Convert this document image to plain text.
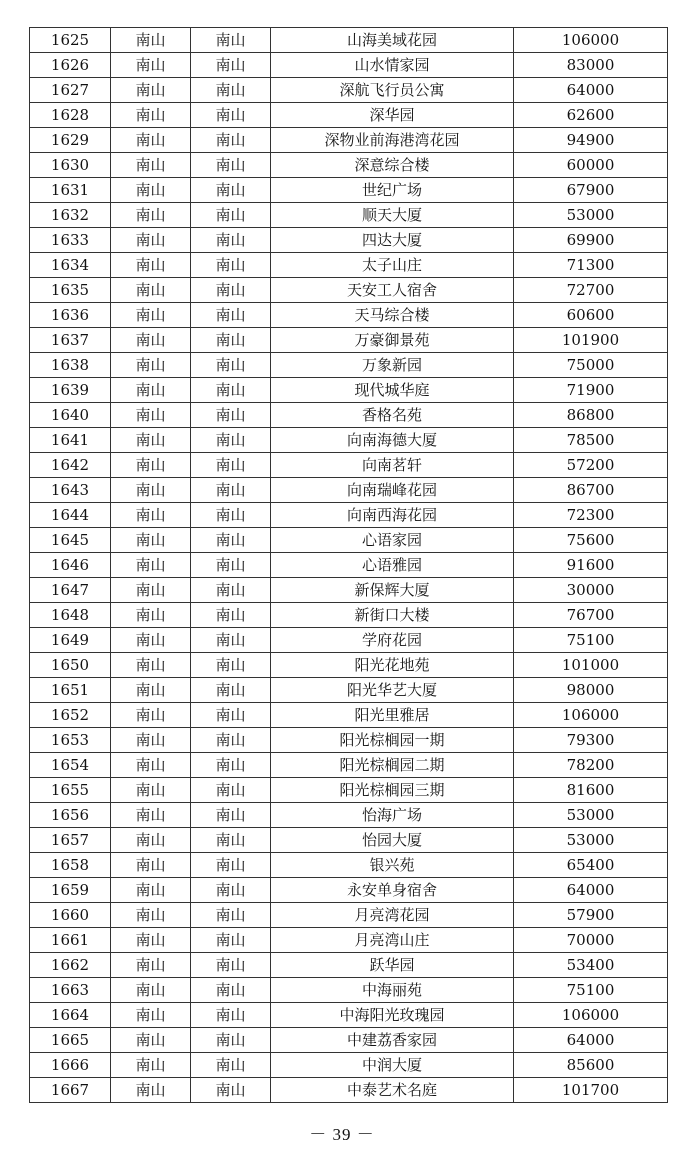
1625	南山	南山	山海美域花园	106000
1626	南山	南山	山水情家园	83000
1627	南山	南山	深航飞行员公寓	64000
1628	南山	南山	深华园	62600
1629	南山	南山	深物业前海港湾花园	94900
1630	南山	南山	深意综合楼	60000
1631	南山	南山	世纪广场	67900
1632	南山	南山	顺天大厦	53000
1633	南山	南山	四达大厦	69900
1634	南山	南山	太子山庄	71300
1635	南山	南山	天安工人宿舍	72700
1636	南山	南山	天马综合楼	60600
1637	南山	南山	万豪御景苑	101900
1638	南山	南山	万象新园	75000
1639	南山	南山	现代城华庭	71900
1640	南山	南山	香格名苑	86800
1641	南山	南山	向南海德大厦	78500
1642	南山	南山	向南茗轩	57200
1643	南山	南山	向南瑞峰花园	86700
1644	南山	南山	向南西海花园	72300
1645	南山	南山	心语家园	75600
1646	南山	南山	心语雅园	91600
1647	南山	南山	新保辉大厦	30000
1648	南山	南山	新街口大楼	76700
1649	南山	南山	学府花园	75100
1650	南山	南山	阳光花地苑	101000
1651	南山	南山	阳光华艺大厦	98000
1652	南山	南山	阳光里雅居	106000
1653	南山	南山	阳光棕榈园一期	79300
1654	南山	南山	阳光棕榈园二期	78200
1655	南山	南山	阳光棕榈园三期	81600
1656	南山	南山	怡海广场	53000
1657	南山	南山	怡园大厦	53000
1658	南山	南山	银兴苑	65400
1659	南山	南山	永安单身宿舍	64000
1660	南山	南山	月亮湾花园	57900
1661	南山	南山	月亮湾山庄	70000
1662	南山	南山	跃华园	53400
1663	南山	南山	中海丽苑	75100
1664	南山	南山	中海阳光玫瑰园	106000
1665	南山	南山	中建荔香家园	64000
1666	南山	南山	中润大厦	85600
1667	南山	南山	中泰艺术名庭	101700
－ 39 －
